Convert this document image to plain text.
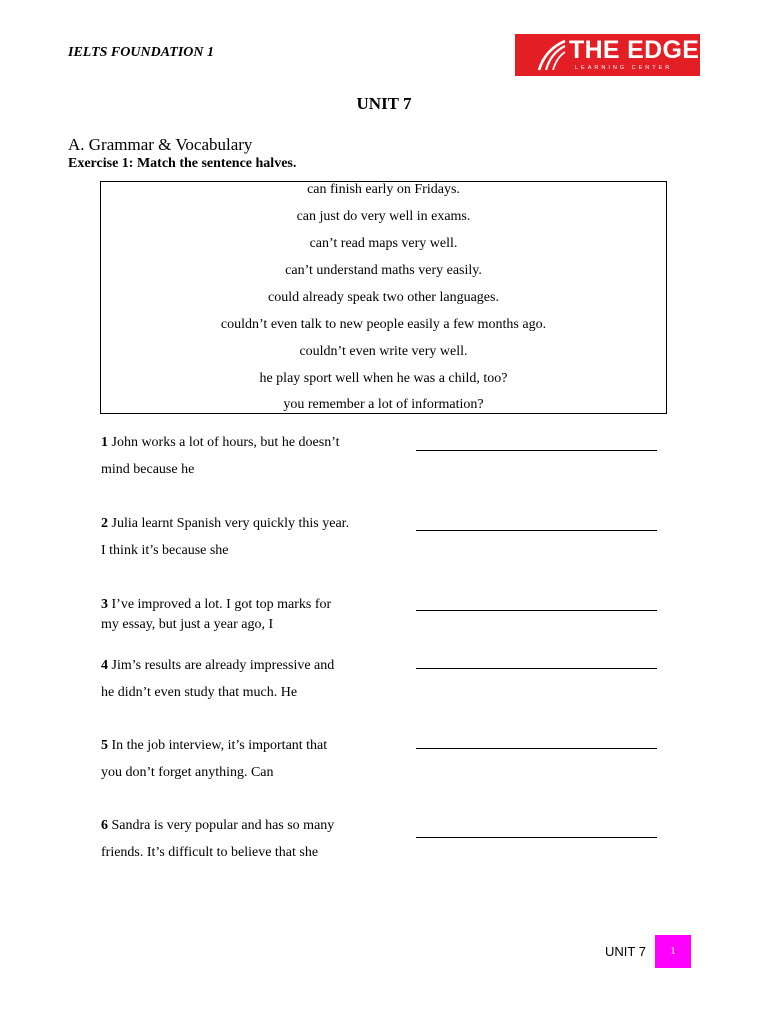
IELTS FOUNDATION 1	THE EDGE
LEARNING CENTER
UNIT 7
A. Grammar & Vocabulary
Exercise 1: Match the sentence halves.
can finish early on Fridays.
can just do very well in exams.
can’t read maps very well.
can’t understand maths very easily.
could already speak two other languages.
couldn’t even talk to new people easily a few months ago.
couldn’t even write very well.
he play sport well when he was a child, too?
you remember a lot of information?
1 John works a lot of hours, but he doesn’t
mind because he
2 Julia learnt Spanish very quickly this year.
I think it’s because she
3 I’ve improved a lot. I got top marks for
my essay, but just a year ago, I
4 Jim’s results are already impressive and
he didn’t even study that much. He
5 In the job interview, it’s important that
you don’t forget anything. Can
6 Sandra is very popular and has so many
friends. It’s difficult to believe that she
UNIT 7	1
